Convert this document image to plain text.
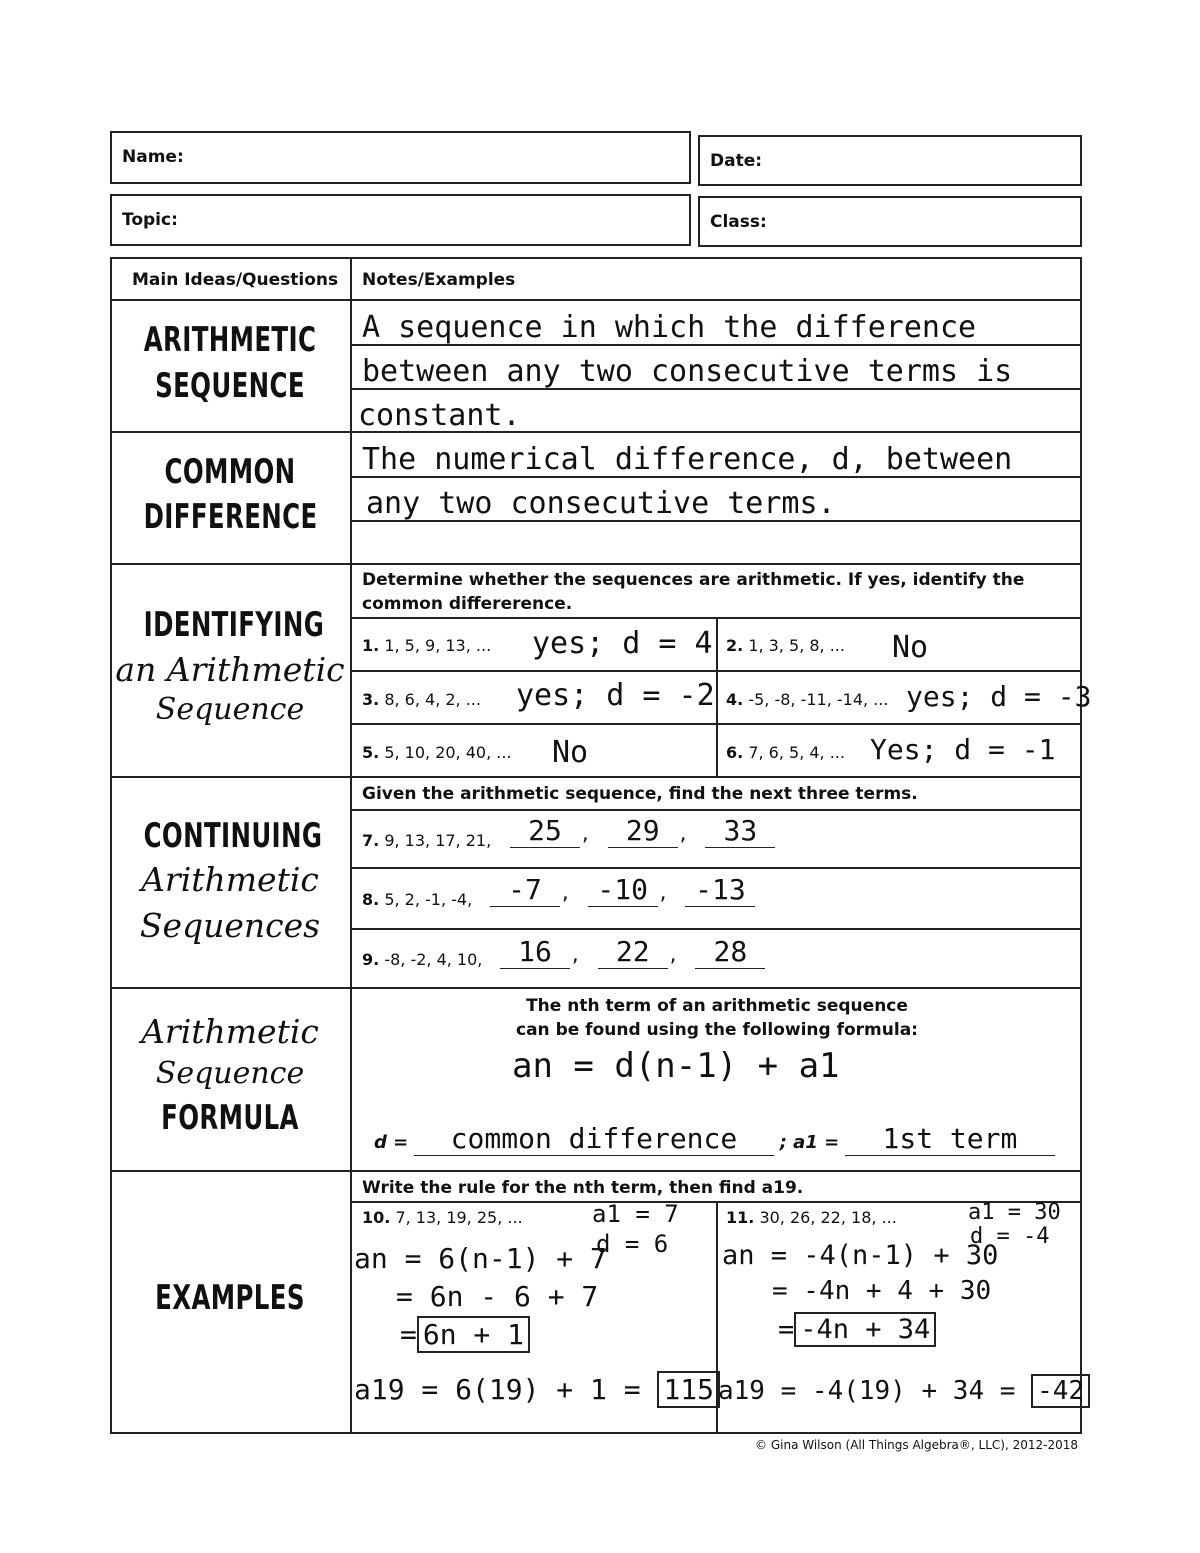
Name:	Date:
Topic:	Class:
Main Ideas/Questions Notes/Examples
ARITHMETIC
SEQUENCE
A sequence in which the difference
between any two consecutive terms is
constant.
COMMON
DIFFERENCE
The numerical difference, d, between
any two consecutive terms.
IDENTIFYING
an Arithmetic
Sequence
Determine whether the sequences are arithmetic. If yes, identify the common differerence.
1. 1, 5, 9, 13, ... yes; d = 4 2. 1, 3, 5, 8, ... No
3. 8, 6, 4, 2, ... yes; d = -2 4. -5, -8, -11, -14, ... yes; d = -3
5. 5, 10, 20, 40, ... No	6. 7, 6, 5, 4, ... Yes; d = -1
CONTINUING
Arithmetic
Sequences
Given the arithmetic sequence, find the next three terms.
7. 9, 13, 17, 21,	25 , 29 , 33
8. 5, 2, -1, -4,	-7 , -10 , -13
9. -8, -2, 4, 10,	16 , 22 , 28
Arithmetic
Sequence
FORMULA
The nth term of an arithmetic sequence
can be found using the following formula:
an = d(n-1) + a1
d = common difference ; a1 = 1st term
EXAMPLES
Write the rule for the nth term, then find a19.
10. 7, 13, 19, 25, ...	a1 = 7
d = 6
an = 6(n-1) + 7
= 6n - 6 + 7
= 6n + 1
a19 = 6(19) + 1 = 115
11. 30, 26, 22, 18, ...	a1 = 30
d = -4
an = -4(n-1) + 30
= -4n + 4 + 30
= -4n + 34
a19 = -4(19) + 34 = -42
© Gina Wilson (All Things Algebra®, LLC), 2012-2018
